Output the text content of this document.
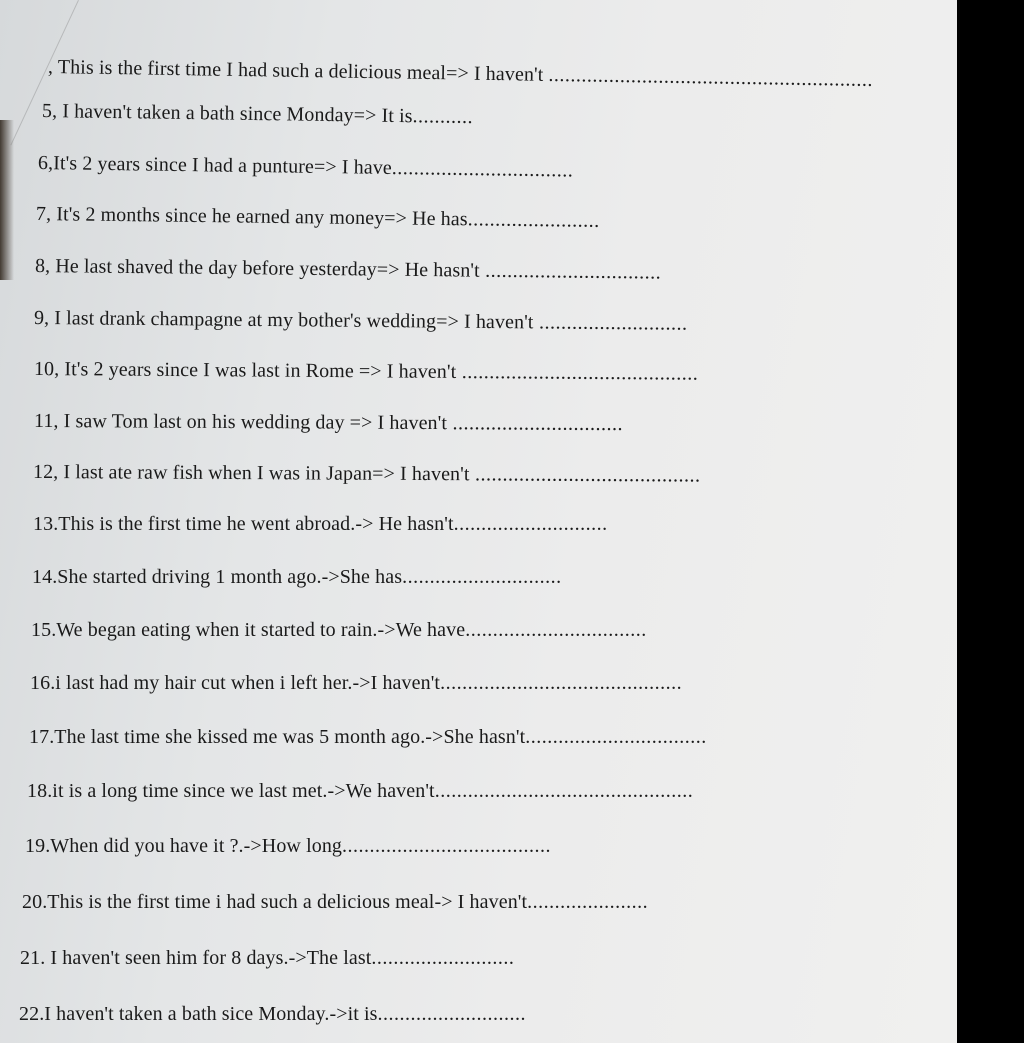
, This is the first time I had such a delicious meal=> I haven't ...........................................................
5, I haven't taken a bath since Monday=> It is...........
6,It's 2 years since I had a punture=> I have.................................
7, It's 2 months since he earned any money=> He has........................
8, He last shaved the day before yesterday=> He hasn't ................................
9, I last drank champagne at my bother's wedding=> I haven't ...........................
10, It's 2 years since I was last in Rome => I haven't ...........................................
11, I saw Tom last on his wedding day => I haven't ...............................
12, I last ate raw fish when I was in Japan=> I haven't .........................................
13.This is the first time he went abroad.-> He hasn't............................
14.She started driving 1 month ago.->She has.............................
15.We began eating when it started to rain.->We have.................................
16.i last had my hair cut when i left her.->I haven't............................................
17.The last time she kissed me was 5 month ago.->She hasn't.................................
18.it is a long time since we last met.->We haven't...............................................
19.When did you have it ?.->How long......................................
20.This is the first time i had such a delicious meal-> I haven't......................
21. I haven't seen him for 8 days.->The last..........................
22.I haven't taken a bath sice Monday.->it is...........................
